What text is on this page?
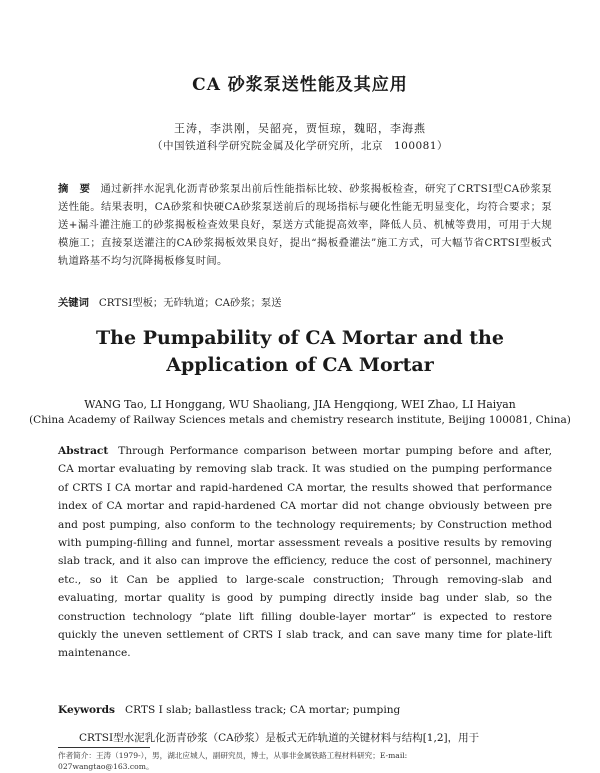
CA 砂浆泵送性能及其应用
王涛，李洪刚，吴韶亮，贾恒琼，魏昭，李海燕
（中国铁道科学研究院金属及化学研究所，北京　100081）
摘　要 通过新拌水泥乳化沥青砂浆泵出前后性能指标比较、砂浆揭板检查，研究了CRTSⅠ型CA砂浆泵送性能。结果表明，CA砂浆和快硬CA砂浆泵送前后的现场指标与硬化性能无明显变化，均符合要求；泵送+漏斗灌注施工的砂浆揭板检查效果良好，泵送方式能提高效率，降低人员、机械等费用，可用于大规模施工；直接泵送灌注的CA砂浆揭板效果良好，提出“揭板叠灌法”施工方式，可大幅节省CRTSⅠ型板式轨道路基不均匀沉降揭板修复时间。
关键词 CRTSⅠ型板；无砟轨道；CA砂浆；泵送
The Pumpability of CA Mortar and the
Application of CA Mortar
WANG Tao, LI Honggang, WU Shaoliang, JIA Hengqiong, WEI Zhao, LI Haiyan
(China Academy of Railway Sciences metals and chemistry research institute, Beijing 100081, China)
Abstract Through Performance comparison between mortar pumping before and after, CA mortar evaluating by removing slab track. It was studied on the pumping performance of CRTS I CA mortar and rapid-hardened CA mortar, the results showed that performance index of CA mortar and rapid-hardened CA mortar did not change obviously between pre and post pumping, also conform to the technology requirements; by Construction method with pumping-filling and funnel, mortar assessment reveals a positive results by removing slab track, and it also can improve the efficiency, reduce the cost of personnel, machinery etc., so it Can be applied to large-scale construction; Through removing-slab and evaluating, mortar quality is good by pumping directly inside bag under slab, so the construction technology “plate lift filling double-layer mortar” is expected to restore quickly the uneven settlement of CRTS I slab track, and can save many time for plate-lift maintenance.
Keywords CRTS I slab; ballastless track; CA mortar; pumping
CRTSⅠ型水泥乳化沥青砂浆（CA砂浆）是板式无砟轨道的关键材料与结构[1,2]，用于
作者简介：王涛（1979-），男，湖北应城人，副研究员，博士，从事非金属铁路工程材料研究；E-mail:
027wangtao@163.com。
